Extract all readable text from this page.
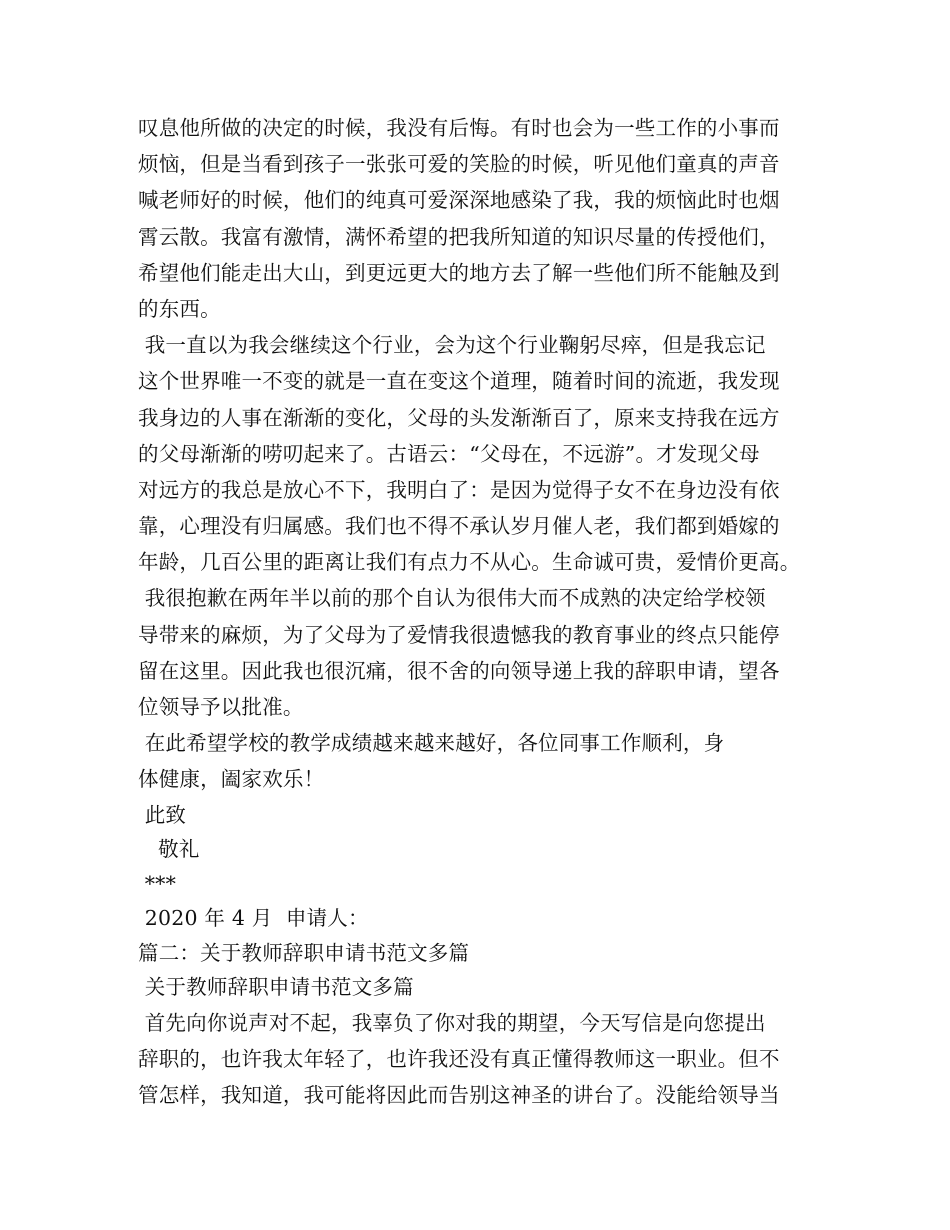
叹息他所做的决定的时候，我没有后悔。有时也会为一些工作的小事而
烦恼，但是当看到孩子一张张可爱的笑脸的时候，听见他们童真的声音
喊老师好的时候，他们的纯真可爱深深地感染了我，我的烦恼此时也烟
霄云散。我富有激情，满怀希望的把我所知道的知识尽量的传授他们，
希望他们能走出大山，到更远更大的地方去了解一些他们所不能触及到
的东西。
我一直以为我会继续这个行业，会为这个行业鞠躬尽瘁，但是我忘记
这个世界唯一不变的就是一直在变这个道理，随着时间的流逝，我发现
我身边的人事在渐渐的变化，父母的头发渐渐百了，原来支持我在远方
的父母渐渐的唠叨起来了。古语云：“父母在，不远游”。才发现父母
对远方的我总是放心不下，我明白了：是因为觉得子女不在身边没有依
靠，心理没有归属感。我们也不得不承认岁月催人老，我们都到婚嫁的
年龄，几百公里的距离让我们有点力不从心。生命诚可贵，爱情价更高。
我很抱歉在两年半以前的那个自认为很伟大而不成熟的决定给学校领
导带来的麻烦，为了父母为了爱情我很遗憾我的教育事业的终点只能停
留在这里。因此我也很沉痛，很不舍的向领导递上我的辞职申请，望各
位领导予以批准。
在此希望学校的教学成绩越来越来越好，各位同事工作顺利，身
体健康，阖家欢乐！
此致
敬礼
***
2020 年 4 月  申请人：
篇二：关于教师辞职申请书范文多篇
关于教师辞职申请书范文多篇
首先向你说声对不起，我辜负了你对我的期望，今天写信是向您提出
辞职的，也许我太年轻了，也许我还没有真正懂得教师这一职业。但不
管怎样，我知道，我可能将因此而告别这神圣的讲台了。没能给领导当
